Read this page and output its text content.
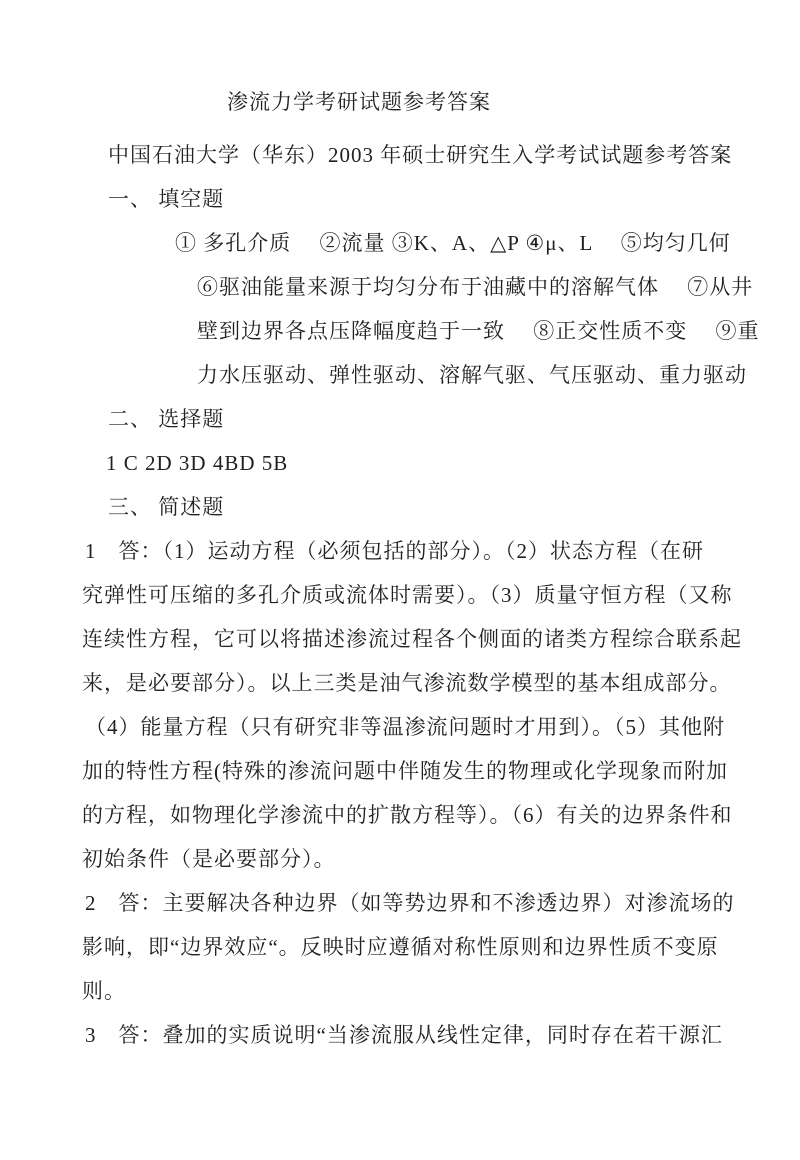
渗流力学考研试题参考答案
中国石油大学（华东）2003 年硕士研究生入学考试试题参考答案
一、 填空题
① 多孔介质　 ②流量 ③K、A、△P ④μ、L　 ⑤均匀几何
⑥驱油能量来源于均匀分布于油藏中的溶解气体　 ⑦从井
壁到边界各点压降幅度趋于一致　 ⑧正交性质不变　 ⑨重
力水压驱动、弹性驱动、溶解气驱、气压驱动、重力驱动
二、 选择题
1 C 2D 3D 4BD 5B
三、 简述题
1　答：（1）运动方程（必须包括的部分）。（2）状态方程（在研
究弹性可压缩的多孔介质或流体时需要）。（3）质量守恒方程（又称
连续性方程，它可以将描述渗流过程各个侧面的诸类方程综合联系起
来，是必要部分）。以上三类是油气渗流数学模型的基本组成部分。
（4）能量方程（只有研究非等温渗流问题时才用到）。（5）其他附
加的特性方程(特殊的渗流问题中伴随发生的物理或化学现象而附加
的方程，如物理化学渗流中的扩散方程等）。（6）有关的边界条件和
初始条件（是必要部分）。
2　答：主要解决各种边界（如等势边界和不渗透边界）对渗流场的
影响，即“边界效应“。反映时应遵循对称性原则和边界性质不变原
则。
3　答：叠加的实质说明“当渗流服从线性定律，同时存在若干源汇
